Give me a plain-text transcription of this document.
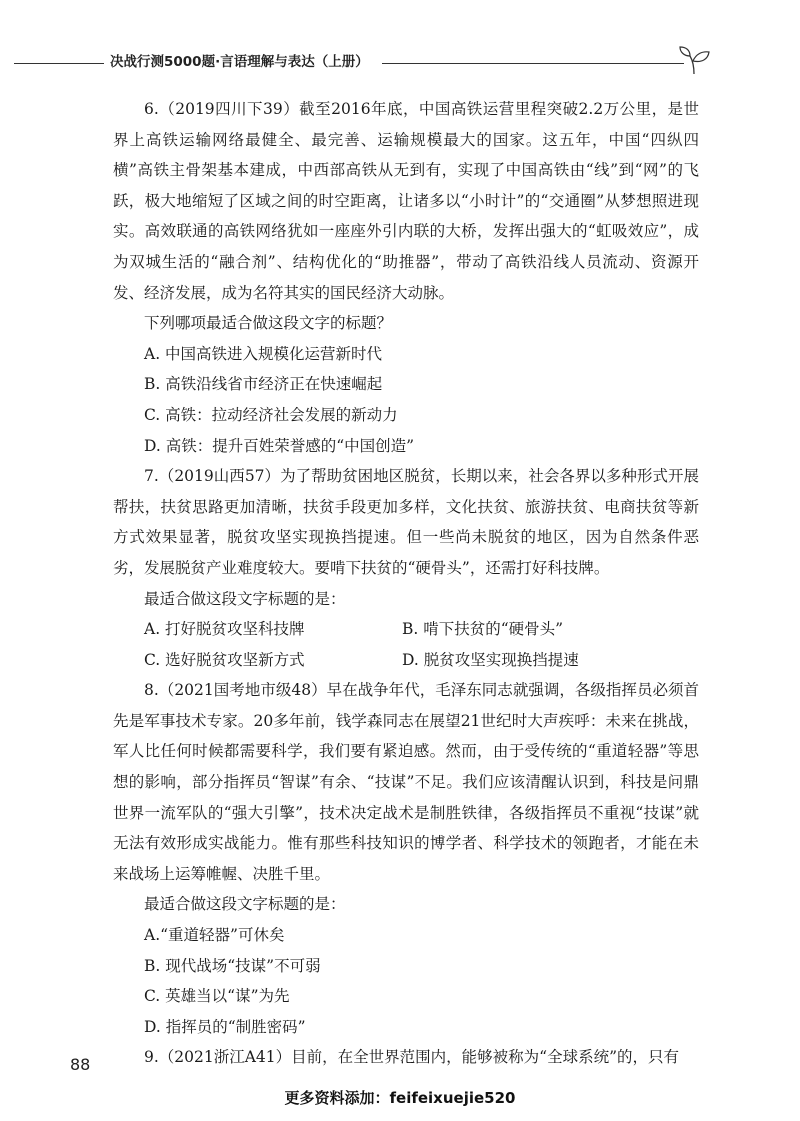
决战行测5000题·言语理解与表达（上册）

6.（2019四川下39）截至2016年底，中国高铁运营里程突破2.2万公里，是世界上高铁运输网络最健全、最完善、运输规模最大的国家。这五年，中国“四纵四横”高铁主骨架基本建成，中西部高铁从无到有，实现了中国高铁由“线”到“网”的飞跃，极大地缩短了区域之间的时空距离，让诸多以“小时计”的“交通圈”从梦想照进现实。高效联通的高铁网络犹如一座座外引内联的大桥，发挥出强大的“虹吸效应”，成为双城生活的“融合剂”、结构优化的“助推器”，带动了高铁沿线人员流动、资源开发、经济发展，成为名符其实的国民经济大动脉。

下列哪项最适合做这段文字的标题？

A. 中国高铁进入规模化运营新时代

B. 高铁沿线省市经济正在快速崛起

C. 高铁：拉动经济社会发展的新动力

D. 高铁：提升百姓荣誉感的“中国创造”

7.（2019山西57）为了帮助贫困地区脱贫，长期以来，社会各界以多种形式开展帮扶，扶贫思路更加清晰，扶贫手段更加多样，文化扶贫、旅游扶贫、电商扶贫等新方式效果显著，脱贫攻坚实现换挡提速。但一些尚未脱贫的地区，因为自然条件恶劣，发展脱贫产业难度较大。要啃下扶贫的“硬骨头”，还需打好科技牌。

最适合做这段文字标题的是：

A. 打好脱贫攻坚科技牌	B. 啃下扶贫的“硬骨头”
C. 选好脱贫攻坚新方式	D. 脱贫攻坚实现换挡提速

8.（2021国考地市级48）早在战争年代，毛泽东同志就强调，各级指挥员必须首先是军事技术专家。20多年前，钱学森同志在展望21世纪时大声疾呼：未来在挑战，军人比任何时候都需要科学，我们要有紧迫感。然而，由于受传统的“重道轻器”等思想的影响，部分指挥员“智谋”有余、“技谋”不足。我们应该清醒认识到，科技是问鼎世界一流军队的“强大引擎”，技术决定战术是制胜铁律，各级指挥员不重视“技谋”就无法有效形成实战能力。惟有那些科技知识的博学者、科学技术的领跑者，才能在未来战场上运筹帷幄、决胜千里。

最适合做这段文字标题的是：

A.“重道轻器”可休矣

B. 现代战场“技谋”不可弱

C. 英雄当以“谋”为先

D. 指挥员的“制胜密码”

9.（2021浙江A41）目前，在全世界范围内，能够被称为“全球系统”的，只有

88
更多资料添加：feifeixuejie520
